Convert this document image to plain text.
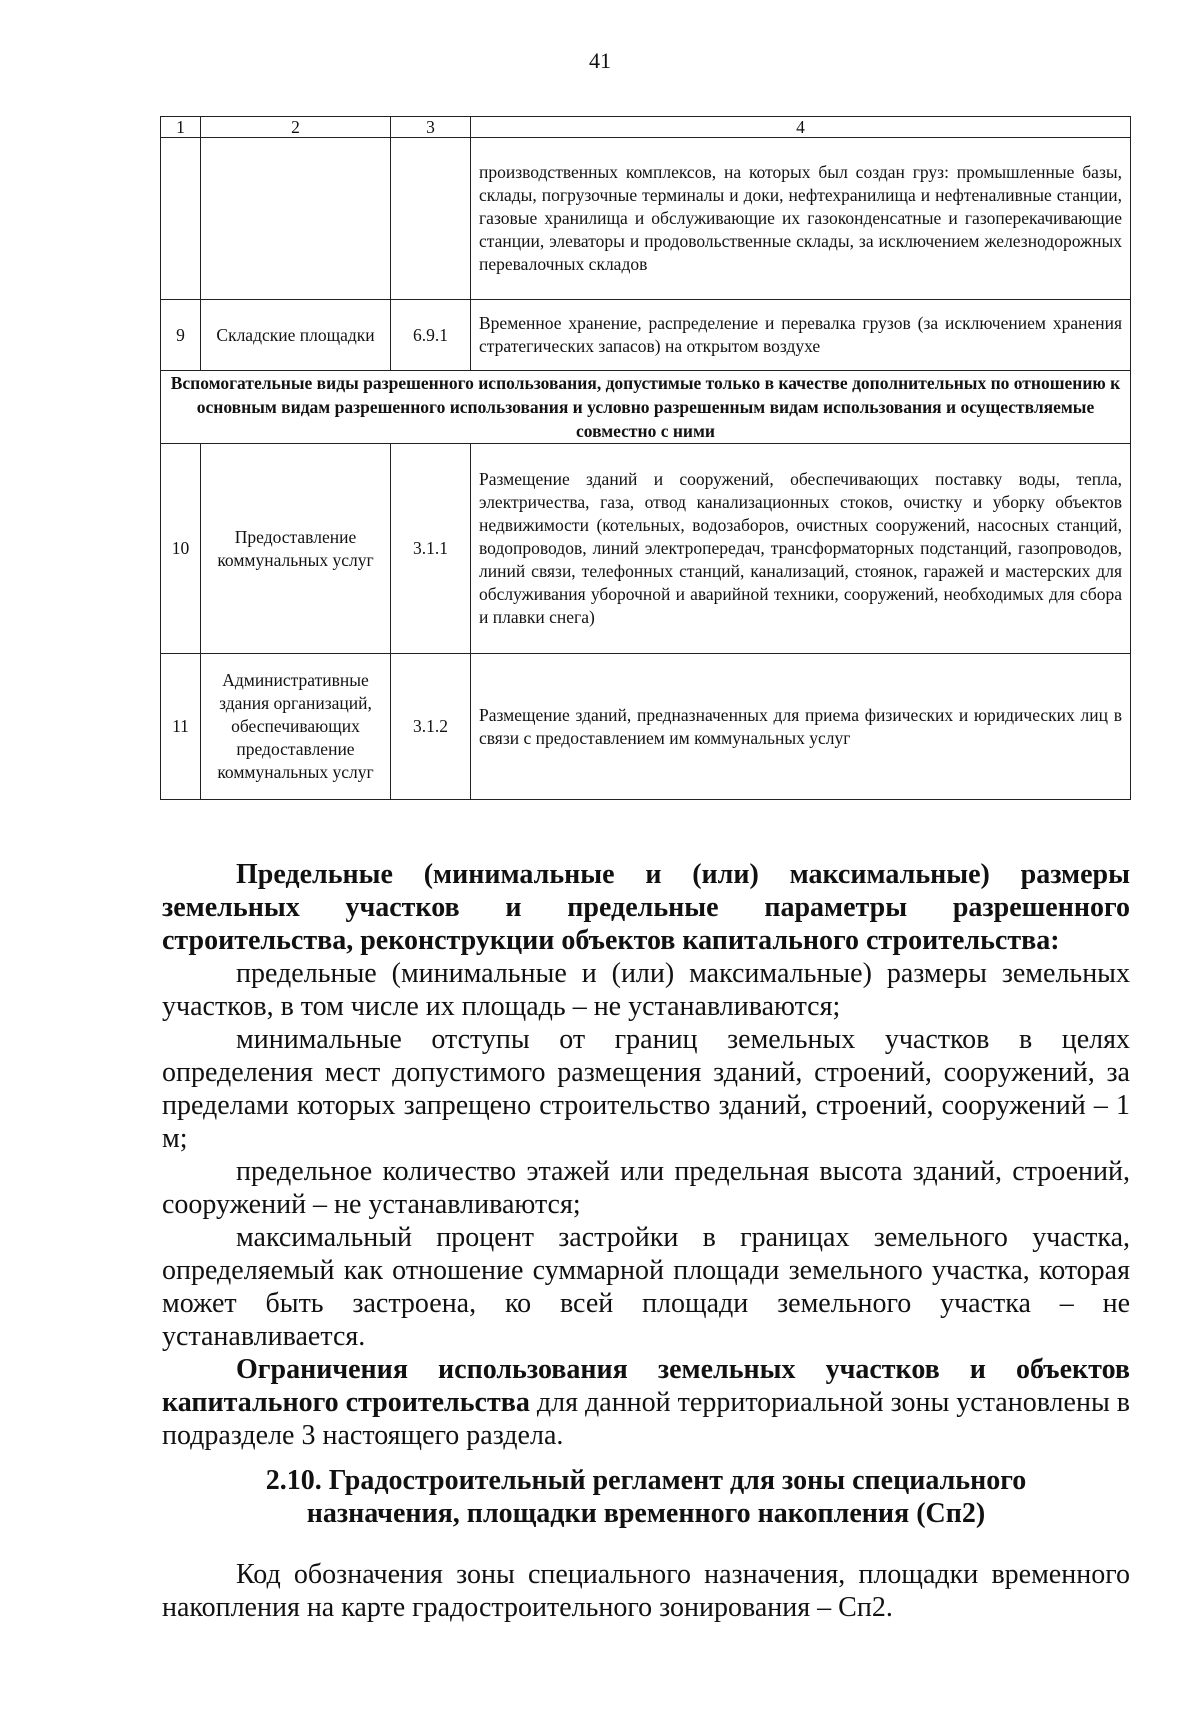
41
1	2	3	4
			производственных комплексов, на которых был создан груз: промышленные базы, склады, погрузочные терминалы и доки, нефтехранилища и нефтеналивные станции, газовые хранилища и обслуживающие их газоконденсатные и газоперекачивающие станции, элеваторы и продовольственные склады, за исключением железнодорожных перевалочных складов
9	Складские площадки	6.9.1	Временное хранение, распределение и перевалка грузов (за исключением хранения стратегических запасов) на открытом воздухе
Вспомогательные виды разрешенного использования, допустимые только в качестве дополнительных по отношению к основным видам разрешенного использования и условно разрешенным видам использования и осуществляемые совместно с ними			
10	Предоставление коммунальных услуг	3.1.1	Размещение зданий и сооружений, обеспечивающих поставку воды, тепла, электричества, газа, отвод канализационных стоков, очистку и уборку объектов недвижимости (котельных, водозаборов, очистных сооружений, насосных станций, водопроводов, линий электропередач, трансформаторных подстанций, газопроводов, линий связи, телефонных станций, канализаций, стоянок, гаражей и мастерских для обслуживания уборочной и аварийной техники, сооружений, необходимых для сбора и плавки снега)
11	Административные здания организаций, обеспечивающих предоставление коммунальных услуг	3.1.2	Размещение зданий, предназначенных для приема физических и юридических лиц в связи с предоставлением им коммунальных услуг

Предельные (минимальные и (или) максимальные) размеры земельных участков и предельные параметры разрешенного строительства, реконструкции объектов капитального строительства:

предельные (минимальные и (или) максимальные) размеры земельных участков, в том числе их площадь – не устанавливаются;

минимальные отступы от границ земельных участков в целях определения мест допустимого размещения зданий, строений, сооружений, за пределами которых запрещено строительство зданий, строений, сооружений – 1 м;

предельное количество этажей или предельная высота зданий, строений, сооружений – не устанавливаются;

максимальный процент застройки в границах земельного участка, определяемый как отношение суммарной площади земельного участка, которая может быть застроена, ко всей площади земельного участка – не устанавливается.

Ограничения использования земельных участков и объектов капитального строительства для данной территориальной зоны установлены в подразделе 3 настоящего раздела.

2.10. Градостроительный регламент для зоны специального
назначения, площадки временного накопления (Сп2)

Код обозначения зоны специального назначения, площадки временного накопления на карте градостроительного зонирования – Сп2.
